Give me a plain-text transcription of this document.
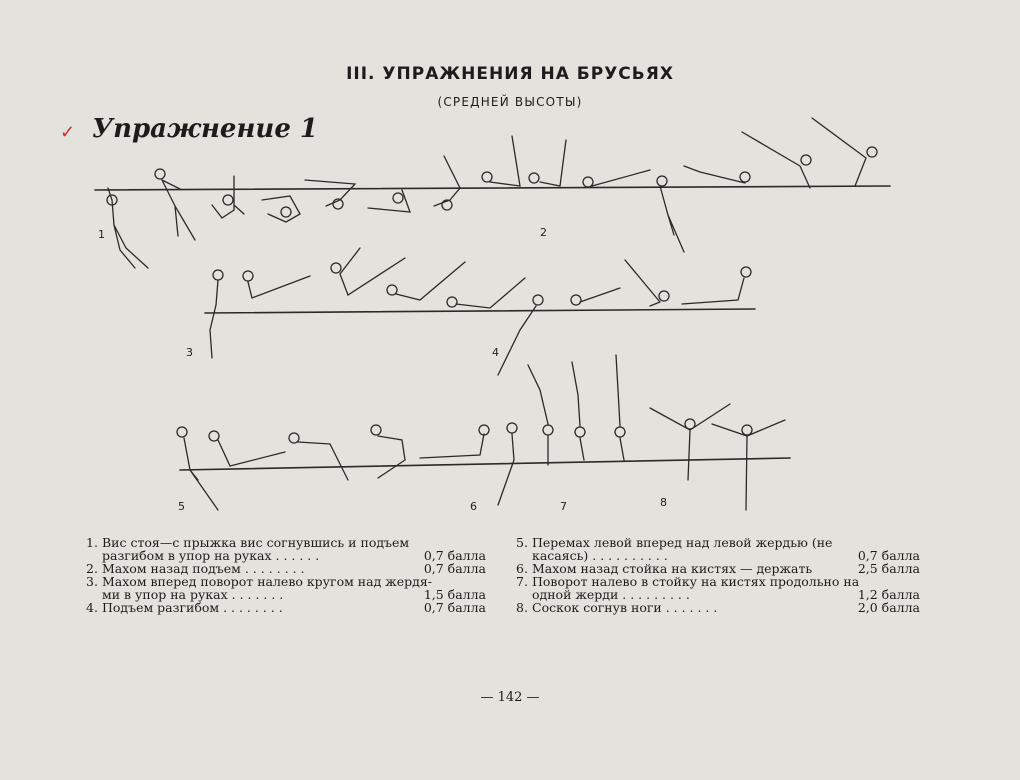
III. УПРАЖНЕНИЯ НА БРУСЬЯХ
(СРЕДНЕЙ ВЫСОТЫ)
✓ Упражнение 1
1	2
3	4
5	6	7	8
1. Вис стоя—с прыжка вис согнувшись и подъем
разгибом в упор на руках . . . . . .	0,7 балла
2. Махом назад подъем . . . . . . . .	0,7 балла
3. Махом вперед поворот налево кругом над жердя-
ми в упор на руках . . . . . . .	1,5 балла
4. Подъем разгибом . . . . . . . .	0,7 балла
5. Перемах левой вперед над левой жердью (не
касаясь) . . . . . . . . . .	0,7 балла
6. Махом назад стойка на кистях — держать	2,5 балла
7. Поворот налево в стойку на кистях продольно на
одной жерди . . . . . . . . .	1,2 балла
8. Соскок согнув ноги . . . . . . .	2,0 балла
— 142 —
